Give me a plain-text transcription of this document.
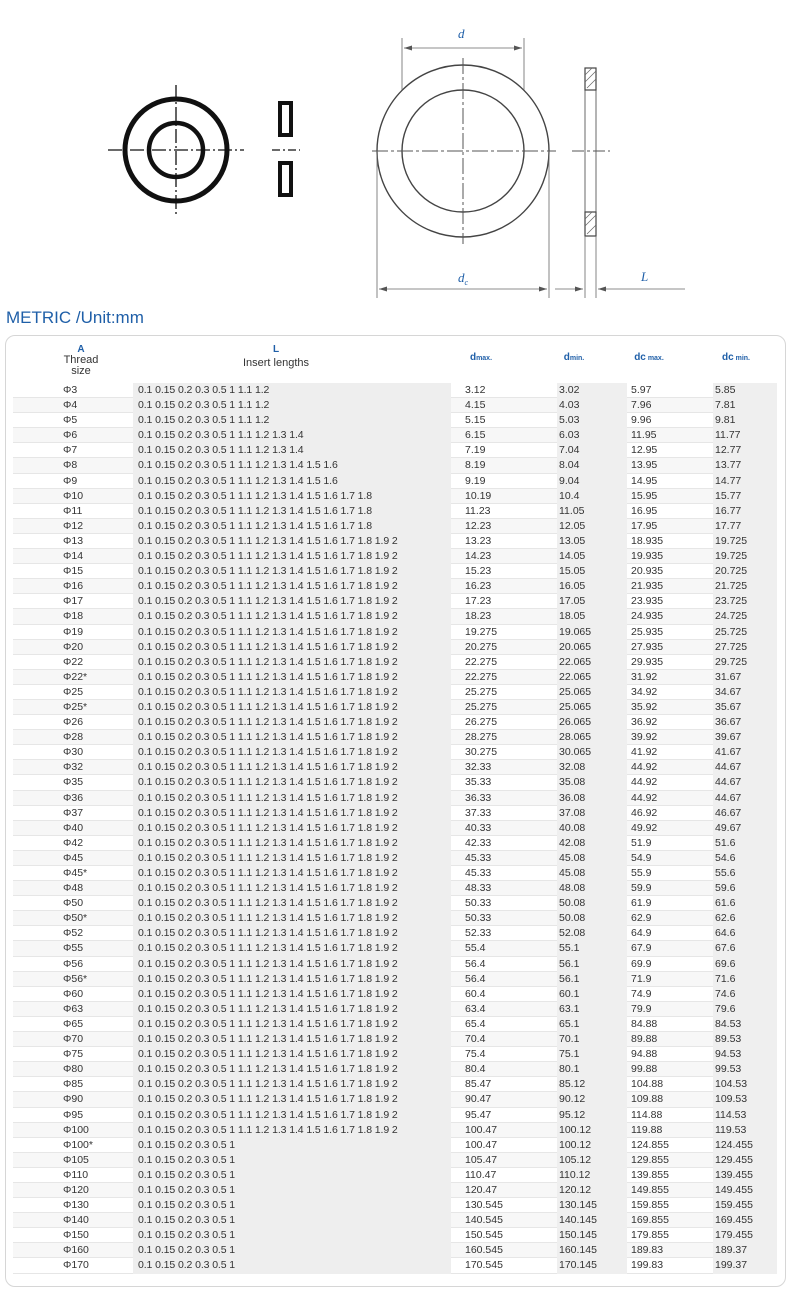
d
$d_c$	L
METRIC /Unit:mm
A
Thread
size
L
Insert lengths	dmax.	dmin.	dc max.	dc min.
Φ3	0.1 0.15 0.2 0.3 0.5 1 1.1 1.2	3.12	3.02	5.97	5.85
Φ4	0.1 0.15 0.2 0.3 0.5 1 1.1 1.2	4.15	4.03	7.96	7.81
Φ5	0.1 0.15 0.2 0.3 0.5 1 1.1 1.2	5.15	5.03	9.96	9.81
Φ6	0.1 0.15 0.2 0.3 0.5 1 1.1 1.2 1.3 1.4	6.15	6.03	11.95	11.77
Φ7	0.1 0.15 0.2 0.3 0.5 1 1.1 1.2 1.3 1.4	7.19	7.04	12.95	12.77
Φ8	0.1 0.15 0.2 0.3 0.5 1 1.1 1.2 1.3 1.4 1.5 1.6	8.19	8.04	13.95	13.77
Φ9	0.1 0.15 0.2 0.3 0.5 1 1.1 1.2 1.3 1.4 1.5 1.6	9.19	9.04	14.95	14.77
Φ10	0.1 0.15 0.2 0.3 0.5 1 1.1 1.2 1.3 1.4 1.5 1.6 1.7 1.8	10.19	10.4	15.95	15.77
Φ11	0.1 0.15 0.2 0.3 0.5 1 1.1 1.2 1.3 1.4 1.5 1.6 1.7 1.8	11.23	11.05	16.95	16.77
Φ12	0.1 0.15 0.2 0.3 0.5 1 1.1 1.2 1.3 1.4 1.5 1.6 1.7 1.8	12.23	12.05	17.95	17.77
Φ13	0.1 0.15 0.2 0.3 0.5 1 1.1 1.2 1.3 1.4 1.5 1.6 1.7 1.8 1.9 2	13.23	13.05	18.935	19.725
Φ14	0.1 0.15 0.2 0.3 0.5 1 1.1 1.2 1.3 1.4 1.5 1.6 1.7 1.8 1.9 2	14.23	14.05	19.935	19.725
Φ15	0.1 0.15 0.2 0.3 0.5 1 1.1 1.2 1.3 1.4 1.5 1.6 1.7 1.8 1.9 2	15.23	15.05	20.935	20.725
Φ16	0.1 0.15 0.2 0.3 0.5 1 1.1 1.2 1.3 1.4 1.5 1.6 1.7 1.8 1.9 2	16.23	16.05	21.935	21.725
Φ17	0.1 0.15 0.2 0.3 0.5 1 1.1 1.2 1.3 1.4 1.5 1.6 1.7 1.8 1.9 2	17.23	17.05	23.935	23.725
Φ18	0.1 0.15 0.2 0.3 0.5 1 1.1 1.2 1.3 1.4 1.5 1.6 1.7 1.8 1.9 2	18.23	18.05	24.935	24.725
Φ19	0.1 0.15 0.2 0.3 0.5 1 1.1 1.2 1.3 1.4 1.5 1.6 1.7 1.8 1.9 2	19.275	19.065	25.935	25.725
Φ20	0.1 0.15 0.2 0.3 0.5 1 1.1 1.2 1.3 1.4 1.5 1.6 1.7 1.8 1.9 2	20.275	20.065	27.935	27.725
Φ22	0.1 0.15 0.2 0.3 0.5 1 1.1 1.2 1.3 1.4 1.5 1.6 1.7 1.8 1.9 2	22.275	22.065	29.935	29.725
Φ22*	0.1 0.15 0.2 0.3 0.5 1 1.1 1.2 1.3 1.4 1.5 1.6 1.7 1.8 1.9 2	22.275	22.065	31.92	31.67
Φ25	0.1 0.15 0.2 0.3 0.5 1 1.1 1.2 1.3 1.4 1.5 1.6 1.7 1.8 1.9 2	25.275	25.065	34.92	34.67
Φ25*	0.1 0.15 0.2 0.3 0.5 1 1.1 1.2 1.3 1.4 1.5 1.6 1.7 1.8 1.9 2	25.275	25.065	35.92	35.67
Φ26	0.1 0.15 0.2 0.3 0.5 1 1.1 1.2 1.3 1.4 1.5 1.6 1.7 1.8 1.9 2	26.275	26.065	36.92	36.67
Φ28	0.1 0.15 0.2 0.3 0.5 1 1.1 1.2 1.3 1.4 1.5 1.6 1.7 1.8 1.9 2	28.275	28.065	39.92	39.67
Φ30	0.1 0.15 0.2 0.3 0.5 1 1.1 1.2 1.3 1.4 1.5 1.6 1.7 1.8 1.9 2	30.275	30.065	41.92	41.67
Φ32	0.1 0.15 0.2 0.3 0.5 1 1.1 1.2 1.3 1.4 1.5 1.6 1.7 1.8 1.9 2	32.33	32.08	44.92	44.67
Φ35	0.1 0.15 0.2 0.3 0.5 1 1.1 1.2 1.3 1.4 1.5 1.6 1.7 1.8 1.9 2	35.33	35.08	44.92	44.67
Φ36	0.1 0.15 0.2 0.3 0.5 1 1.1 1.2 1.3 1.4 1.5 1.6 1.7 1.8 1.9 2	36.33	36.08	44.92	44.67
Φ37	0.1 0.15 0.2 0.3 0.5 1 1.1 1.2 1.3 1.4 1.5 1.6 1.7 1.8 1.9 2	37.33	37.08	46.92	46.67
Φ40	0.1 0.15 0.2 0.3 0.5 1 1.1 1.2 1.3 1.4 1.5 1.6 1.7 1.8 1.9 2	40.33	40.08	49.92	49.67
Φ42	0.1 0.15 0.2 0.3 0.5 1 1.1 1.2 1.3 1.4 1.5 1.6 1.7 1.8 1.9 2	42.33	42.08	51.9	51.6
Φ45	0.1 0.15 0.2 0.3 0.5 1 1.1 1.2 1.3 1.4 1.5 1.6 1.7 1.8 1.9 2	45.33	45.08	54.9	54.6
Φ45*	0.1 0.15 0.2 0.3 0.5 1 1.1 1.2 1.3 1.4 1.5 1.6 1.7 1.8 1.9 2	45.33	45.08	55.9	55.6
Φ48	0.1 0.15 0.2 0.3 0.5 1 1.1 1.2 1.3 1.4 1.5 1.6 1.7 1.8 1.9 2	48.33	48.08	59.9	59.6
Φ50	0.1 0.15 0.2 0.3 0.5 1 1.1 1.2 1.3 1.4 1.5 1.6 1.7 1.8 1.9 2	50.33	50.08	61.9	61.6
Φ50*	0.1 0.15 0.2 0.3 0.5 1 1.1 1.2 1.3 1.4 1.5 1.6 1.7 1.8 1.9 2	50.33	50.08	62.9	62.6
Φ52	0.1 0.15 0.2 0.3 0.5 1 1.1 1.2 1.3 1.4 1.5 1.6 1.7 1.8 1.9 2	52.33	52.08	64.9	64.6
Φ55	0.1 0.15 0.2 0.3 0.5 1 1.1 1.2 1.3 1.4 1.5 1.6 1.7 1.8 1.9 2	55.4	55.1	67.9	67.6
Φ56	0.1 0.15 0.2 0.3 0.5 1 1.1 1.2 1.3 1.4 1.5 1.6 1.7 1.8 1.9 2	56.4	56.1	69.9	69.6
Φ56*	0.1 0.15 0.2 0.3 0.5 1 1.1 1.2 1.3 1.4 1.5 1.6 1.7 1.8 1.9 2	56.4	56.1	71.9	71.6
Φ60	0.1 0.15 0.2 0.3 0.5 1 1.1 1.2 1.3 1.4 1.5 1.6 1.7 1.8 1.9 2	60.4	60.1	74.9	74.6
Φ63	0.1 0.15 0.2 0.3 0.5 1 1.1 1.2 1.3 1.4 1.5 1.6 1.7 1.8 1.9 2	63.4	63.1	79.9	79.6
Φ65	0.1 0.15 0.2 0.3 0.5 1 1.1 1.2 1.3 1.4 1.5 1.6 1.7 1.8 1.9 2	65.4	65.1	84.88	84.53
Φ70	0.1 0.15 0.2 0.3 0.5 1 1.1 1.2 1.3 1.4 1.5 1.6 1.7 1.8 1.9 2	70.4	70.1	89.88	89.53
Φ75	0.1 0.15 0.2 0.3 0.5 1 1.1 1.2 1.3 1.4 1.5 1.6 1.7 1.8 1.9 2	75.4	75.1	94.88	94.53
Φ80	0.1 0.15 0.2 0.3 0.5 1 1.1 1.2 1.3 1.4 1.5 1.6 1.7 1.8 1.9 2	80.4	80.1	99.88	99.53
Φ85	0.1 0.15 0.2 0.3 0.5 1 1.1 1.2 1.3 1.4 1.5 1.6 1.7 1.8 1.9 2	85.47	85.12	104.88	104.53
Φ90	0.1 0.15 0.2 0.3 0.5 1 1.1 1.2 1.3 1.4 1.5 1.6 1.7 1.8 1.9 2	90.47	90.12	109.88	109.53
Φ95	0.1 0.15 0.2 0.3 0.5 1 1.1 1.2 1.3 1.4 1.5 1.6 1.7 1.8 1.9 2	95.47	95.12	114.88	114.53
Φ100	0.1 0.15 0.2 0.3 0.5 1 1.1 1.2 1.3 1.4 1.5 1.6 1.7 1.8 1.9 2	100.47	100.12	119.88	119.53
Φ100*	0.1 0.15 0.2 0.3 0.5 1	100.47	100.12	124.855	124.455
Φ105	0.1 0.15 0.2 0.3 0.5 1	105.47	105.12	129.855	129.455
Φ110	0.1 0.15 0.2 0.3 0.5 1	110.47	110.12	139.855	139.455
Φ120	0.1 0.15 0.2 0.3 0.5 1	120.47	120.12	149.855	149.455
Φ130	0.1 0.15 0.2 0.3 0.5 1	130.545	130.145	159.855	159.455
Φ140	0.1 0.15 0.2 0.3 0.5 1	140.545	140.145	169.855	169.455
Φ150	0.1 0.15 0.2 0.3 0.5 1	150.545	150.145	179.855	179.455
Φ160	0.1 0.15 0.2 0.3 0.5 1	160.545	160.145	189.83	189.37
Φ170	0.1 0.15 0.2 0.3 0.5 1	170.545	170.145	199.83	199.37
